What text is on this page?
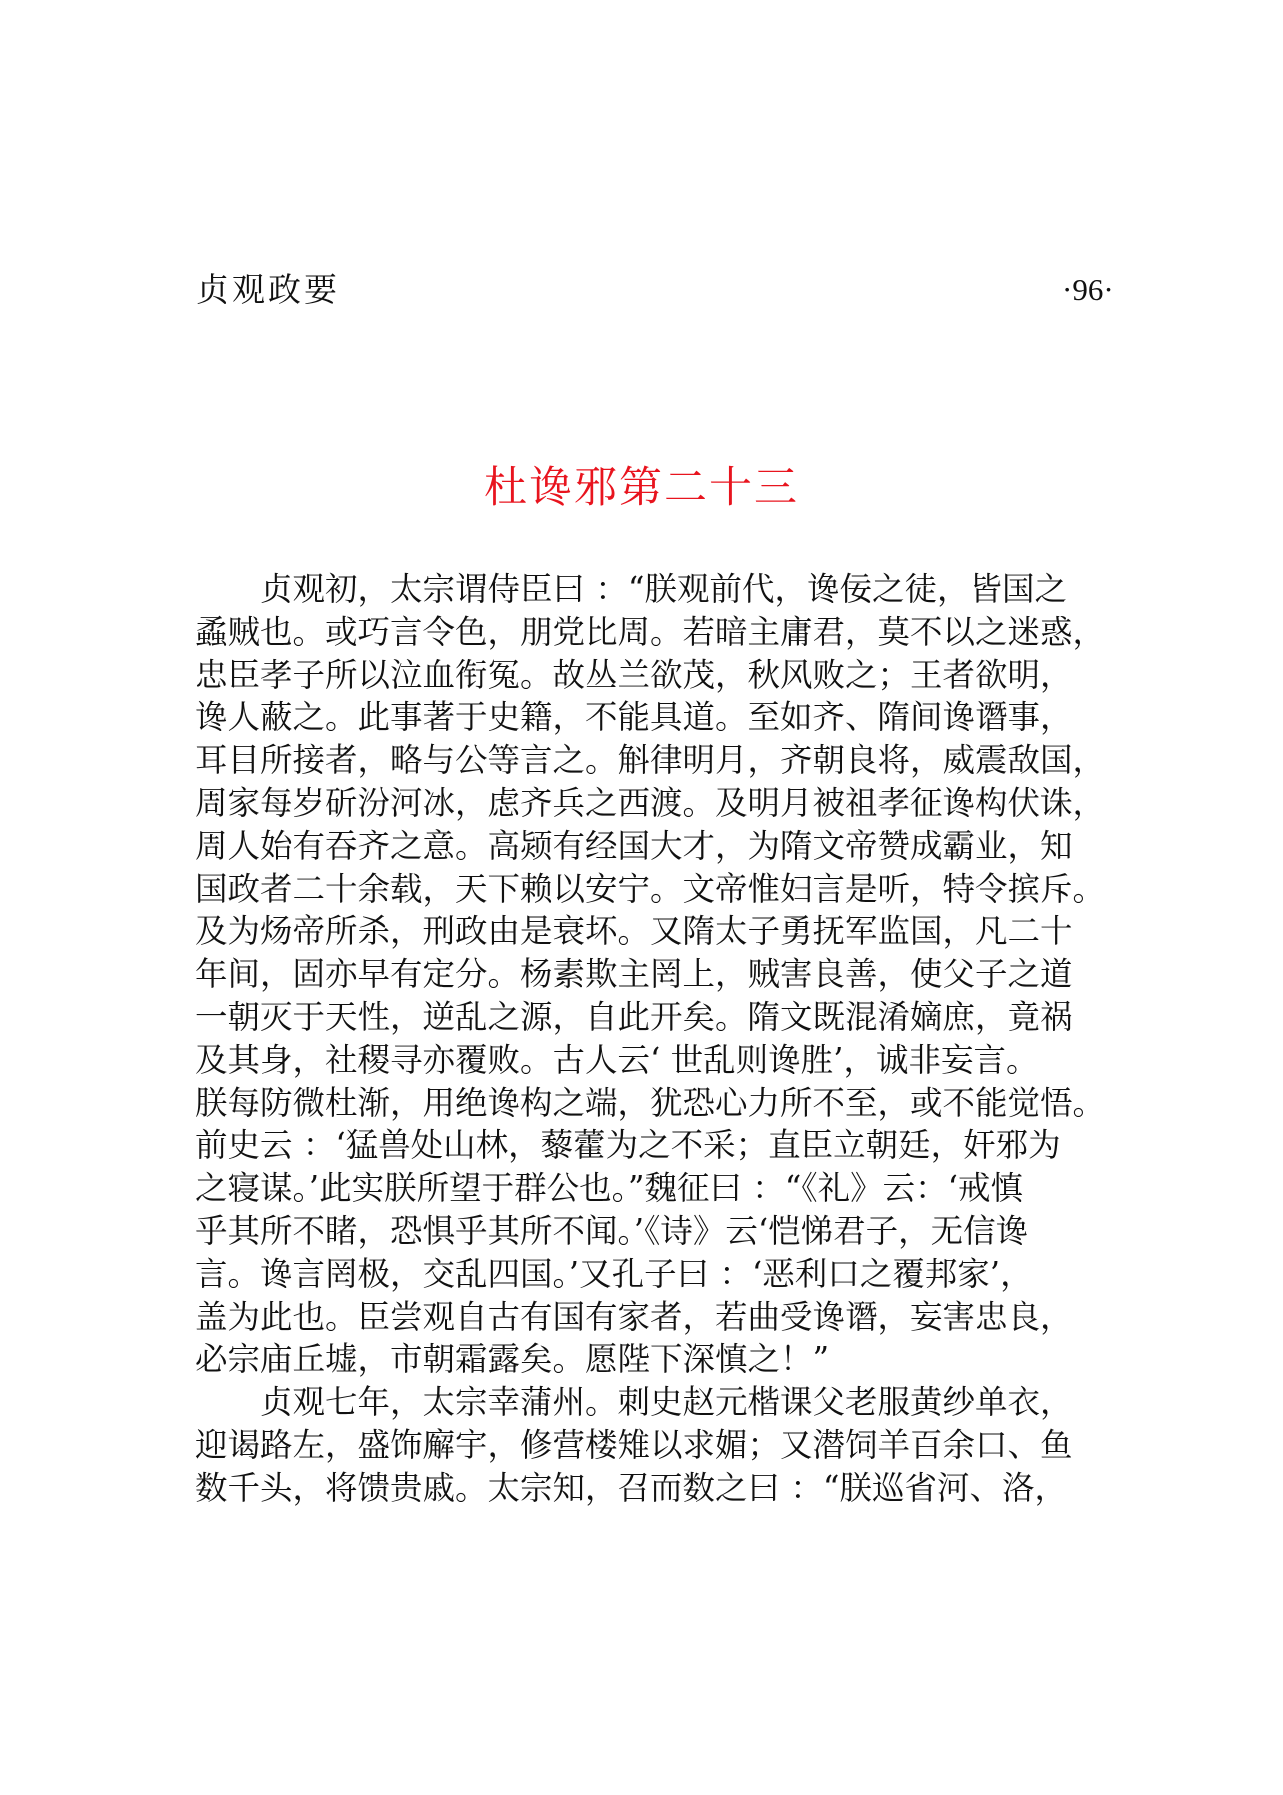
贞观政要	·96·
杜谗邪第二十三
贞观初，太宗谓侍臣曰 ：“朕观前代，谗佞之徒，皆国之
蟊贼也。或巧言令色，朋党比周。若暗主庸君，莫不以之迷惑，
忠臣孝子所以泣血衔冤。故丛兰欲茂，秋风败之；王者欲明，
谗人蔽之。此事著于史籍，不能具道。至如齐、隋间谗谮事，
耳目所接者，略与公等言之。斛律明月，齐朝良将，威震敌国，
周家每岁斫汾河冰，虑齐兵之西渡。及明月被祖孝征谗构伏诛，
周人始有吞齐之意。高颎有经国大才，为隋文帝赞成霸业，知
国政者二十余载，天下赖以安宁。文帝惟妇言是听，特令摈斥。
及为炀帝所杀，刑政由是衰坏。又隋太子勇抚军监国，凡二十
年间，固亦早有定分。杨素欺主罔上，贼害良善，使父子之道
一朝灭于天性，逆乱之源，自此开矣。隋文既混淆嫡庶，竟祸
及其身，社稷寻亦覆败。古人云‘ 世乱则谗胜’，诚非妄言。
朕每防微杜渐，用绝谗构之端，犹恐心力所不至，或不能觉悟。
前史云 ：‘猛兽处山林，藜藿为之不采；直臣立朝廷，奸邪为
之寝谋。’此实朕所望于群公也。”魏征曰 ：“《礼》云：‘戒慎
乎其所不睹，恐惧乎其所不闻。’《诗》云‘恺悌君子，无信谗
言。谗言罔极，交乱四国。’又孔子曰 ：‘恶利口之覆邦家’，
盖为此也。臣尝观自古有国有家者，若曲受谗谮，妄害忠良，
必宗庙丘墟，市朝霜露矣。愿陛下深慎之！”
贞观七年，太宗幸蒲州。刺史赵元楷课父老服黄纱单衣，
迎谒路左，盛饰廨宇，修营楼雉以求媚；又潜饲羊百余口、鱼
数千头，将馈贵戚。太宗知，召而数之曰 ：“朕巡省河、洛，
